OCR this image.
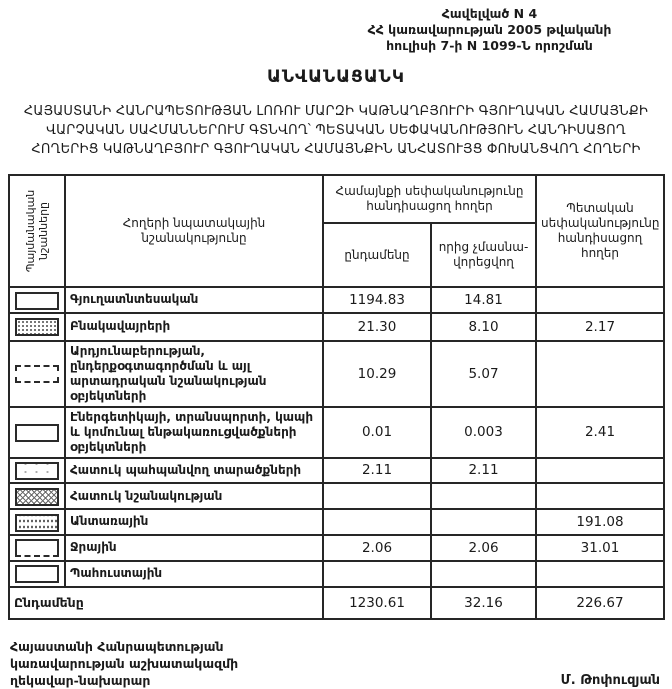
Հավելված N 4
ՀՀ կառավարության 2005 թվականի
հուլիսի 7-ի N 1099-Ն որոշման
ԱՆՎԱՆԱՑԱՆԿ
ՀԱՅԱՍՏԱՆԻ ՀԱՆՐԱՊԵՏՈՒԹՅԱՆ ԼՈՌՈՒ ՄԱՐԶԻ ԿԱԹՆԱՂԲՅՈՒՐԻ ԳՅՈՒՂԱԿԱՆ ՀԱՄԱՅՆՔԻ
ՎԱՐՉԱԿԱՆ ՍԱՀՄԱՆՆԵՐՈՒՄ ԳՏՆՎՈՂ՝ ՊԵՏԱԿԱՆ ՍԵՓԱԿԱՆՈՒԹՅՈՒՆ ՀԱՆԴԻՍԱՑՈՂ
ՀՈՂԵՐԻՑ ԿԱԹՆԱՂԲՅՈՒՐ ԳՅՈՒՂԱԿԱՆ ՀԱՄԱՅՆՔԻՆ ԱՆՀԱՏՈՒՅՑ ՓՈԽԱՆՑՎՈՂ ՀՈՂԵՐԻ
Պայմանական նշանները	Հողերի նպատակային նշանակությունը	Համայնքի սեփականությունը հանդիսացող հողեր		Պետական սեփականությունը հանդիսացող հողեր
		ընդամենը	որից չմասնա-վորեցվող	
	Գյուղատնտեսական	1194.83	14.81	
	Բնակավայրերի	21.30	8.10	2.17
	Արդյունաբերության, ընդերքօգտագործման և այլ արտադրական նշանակության օբյեկտների	10.29	5.07	
	Էներգետիկայի, տրանսպորտի, կապի և կոմունալ ենթակառուցվածքների օբյեկտների	0.01	0.003	2.41
	Հատուկ պահպանվող տարածքների	2.11	2.11	
	Հատուկ նշանակության			
	Անտառային			191.08
	Ջրային	2.06	2.06	31.01
	Պահուստային			
Ընդամենը		1230.61	32.16	226.67
Հայաստանի Հանրապետության
կառավարության աշխատակազմի
ղեկավար-նախարար	Մ. Թոփուզյան
